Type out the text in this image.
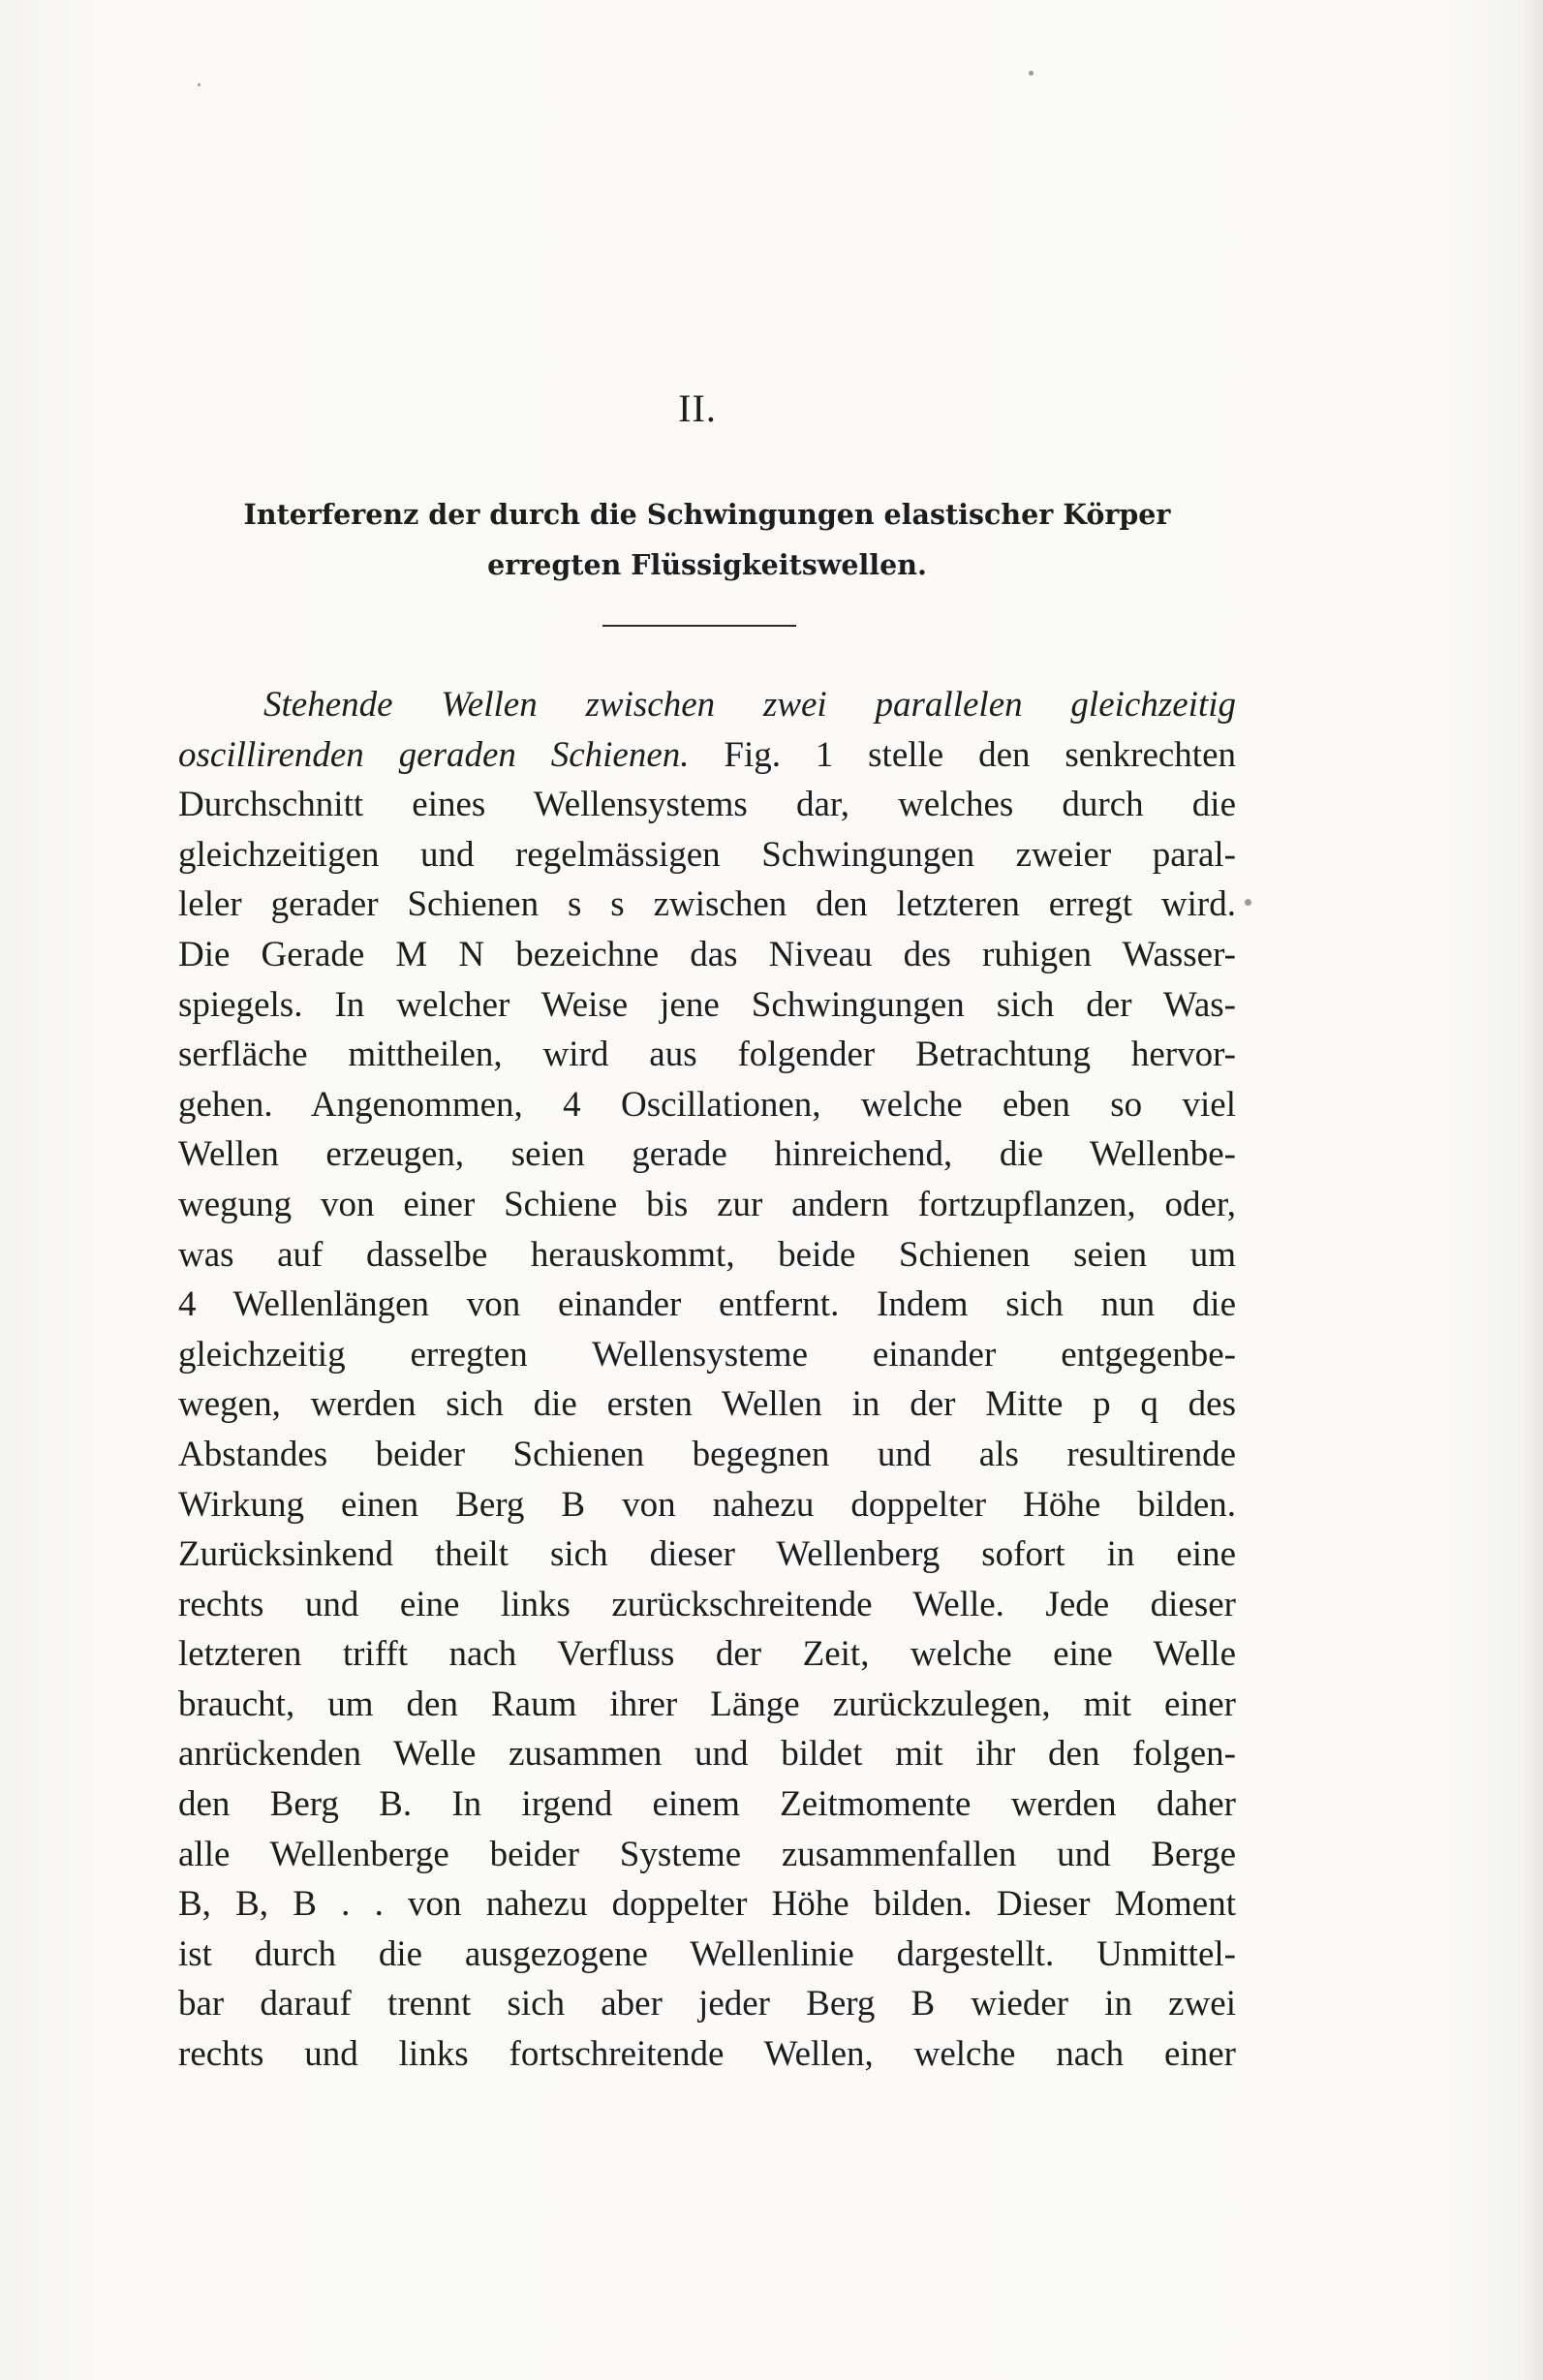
II.
Interferenz der durch die Schwingungen elastischer Körper
erregten Flüssigkeitswellen.
Stehende Wellen zwischen zwei parallelen gleichzeitig
oscillirenden geraden Schienen. Fig. 1 stelle den senkrechten
Durchschnitt eines Wellensystems dar, welches durch die
gleichzeitigen und regelmässigen Schwingungen zweier paral-
leler gerader Schienen s s zwischen den letzteren erregt wird.
Die Gerade M N bezeichne das Niveau des ruhigen Wasser-
spiegels. In welcher Weise jene Schwingungen sich der Was-
serfläche mittheilen, wird aus folgender Betrachtung hervor-
gehen. Angenommen, 4 Oscillationen, welche eben so viel
Wellen erzeugen, seien gerade hinreichend, die Wellenbe-
wegung von einer Schiene bis zur andern fortzupflanzen, oder,
was auf dasselbe herauskommt, beide Schienen seien um
4 Wellenlängen von einander entfernt. Indem sich nun die
gleichzeitig erregten Wellensysteme einander entgegenbe-
wegen, werden sich die ersten Wellen in der Mitte p q des
Abstandes beider Schienen begegnen und als resultirende
Wirkung einen Berg B von nahezu doppelter Höhe bilden.
Zurücksinkend theilt sich dieser Wellenberg sofort in eine
rechts und eine links zurückschreitende Welle. Jede dieser
letzteren trifft nach Verfluss der Zeit, welche eine Welle
braucht, um den Raum ihrer Länge zurückzulegen, mit einer
anrückenden Welle zusammen und bildet mit ihr den folgen-
den Berg B. In irgend einem Zeitmomente werden daher
alle Wellenberge beider Systeme zusammenfallen und Berge
B, B, B . . von nahezu doppelter Höhe bilden. Dieser Moment
ist durch die ausgezogene Wellenlinie dargestellt. Unmittel-
bar darauf trennt sich aber jeder Berg B wieder in zwei
rechts und links fortschreitende Wellen, welche nach einer
